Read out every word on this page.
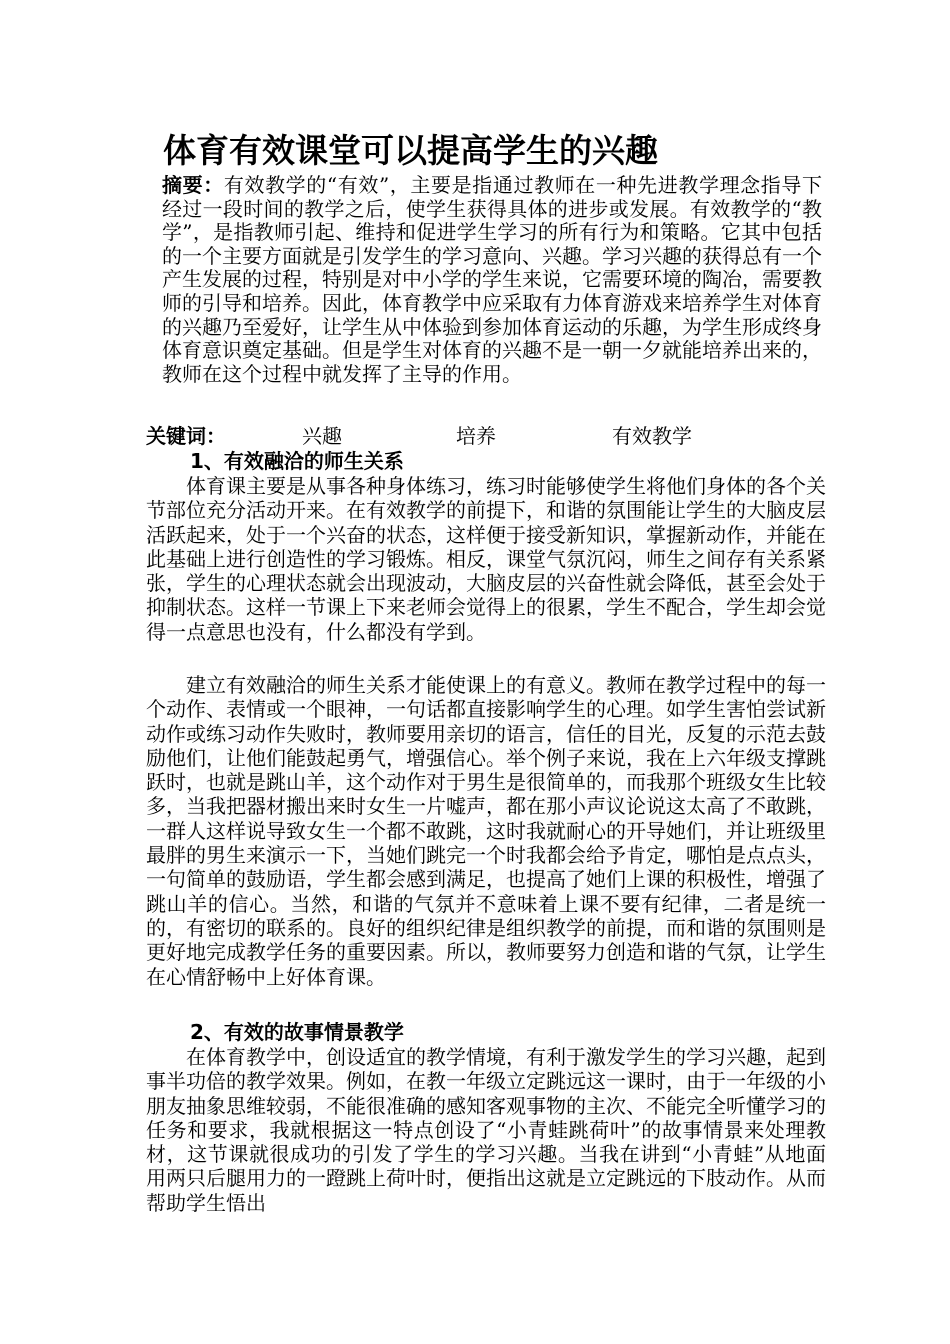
体育有效课堂可以提高学生的兴趣
摘要：有效教学的“有效”，主要是指通过教师在一种先进教学理念指导下经过一段时间的教学之后，使学生获得具体的进步或发展。有效教学的“教学”，是指教师引起、维持和促进学生学习的所有行为和策略。它其中包括的一个主要方面就是引发学生的学习意向、兴趣。学习兴趣的获得总有一个产生发展的过程，特别是对中小学的学生来说，它需要环境的陶冶，需要教师的引导和培养。因此，体育教学中应采取有力体育游戏来培养学生对体育的兴趣乃至爱好，让学生从中体验到参加体育运动的乐趣，为学生形成终身体育意识奠定基础。但是学生对体育的兴趣不是一朝一夕就能培养出来的，教师在这个过程中就发挥了主导的作用。
关键词：	兴趣	培养	有效教学
1、有效融洽的师生关系

体育课主要是从事各种身体练习，练习时能够使学生将他们身体的各个关节部位充分活动开来。在有效教学的前提下，和谐的氛围能让学生的大脑皮层活跃起来，处于一个兴奋的状态，这样便于接受新知识，掌握新动作，并能在此基础上进行创造性的学习锻炼。相反，课堂气氛沉闷，师生之间存有关系紧张，学生的心理状态就会出现波动，大脑皮层的兴奋性就会降低，甚至会处于抑制状态。这样一节课上下来老师会觉得上的很累，学生不配合，学生却会觉得一点意思也没有，什么都没有学到。

建立有效融洽的师生关系才能使课上的有意义。教师在教学过程中的每一个动作、表情或一个眼神，一句话都直接影响学生的心理。如学生害怕尝试新动作或练习动作失败时，教师要用亲切的语言，信任的目光，反复的示范去鼓励他们，让他们能鼓起勇气，增强信心。举个例子来说，我在上六年级支撑跳跃时，也就是跳山羊，这个动作对于男生是很简单的，而我那个班级女生比较多，当我把器材搬出来时女生一片嘘声，都在那小声议论说这太高了不敢跳，一群人这样说导致女生一个都不敢跳，这时我就耐心的开导她们，并让班级里最胖的男生来演示一下，当她们跳完一个时我都会给予肯定，哪怕是点点头，一句简单的鼓励语，学生都会感到满足，也提高了她们上课的积极性，增强了跳山羊的信心。当然，和谐的气氛并不意味着上课不要有纪律，二者是统一的，有密切的联系的。良好的组织纪律是组织教学的前提，而和谐的氛围则是更好地完成教学任务的重要因素。所以，教师要努力创造和谐的气氛，让学生在心情舒畅中上好体育课。

2、有效的故事情景教学

在体育教学中，创设适宜的教学情境，有利于激发学生的学习兴趣，起到事半功倍的教学效果。例如，在教一年级立定跳远这一课时，由于一年级的小朋友抽象思维较弱，不能很准确的感知客观事物的主次、不能完全听懂学习的任务和要求，我就根据这一特点创设了“小青蛙跳荷叶”的故事情景来处理教材，这节课就很成功的引发了学生的学习兴趣。当我在讲到“小青蛙”从地面用两只后腿用力的一蹬跳上荷叶时，便指出这就是立定跳远的下肢动作。从而帮助学生悟出
